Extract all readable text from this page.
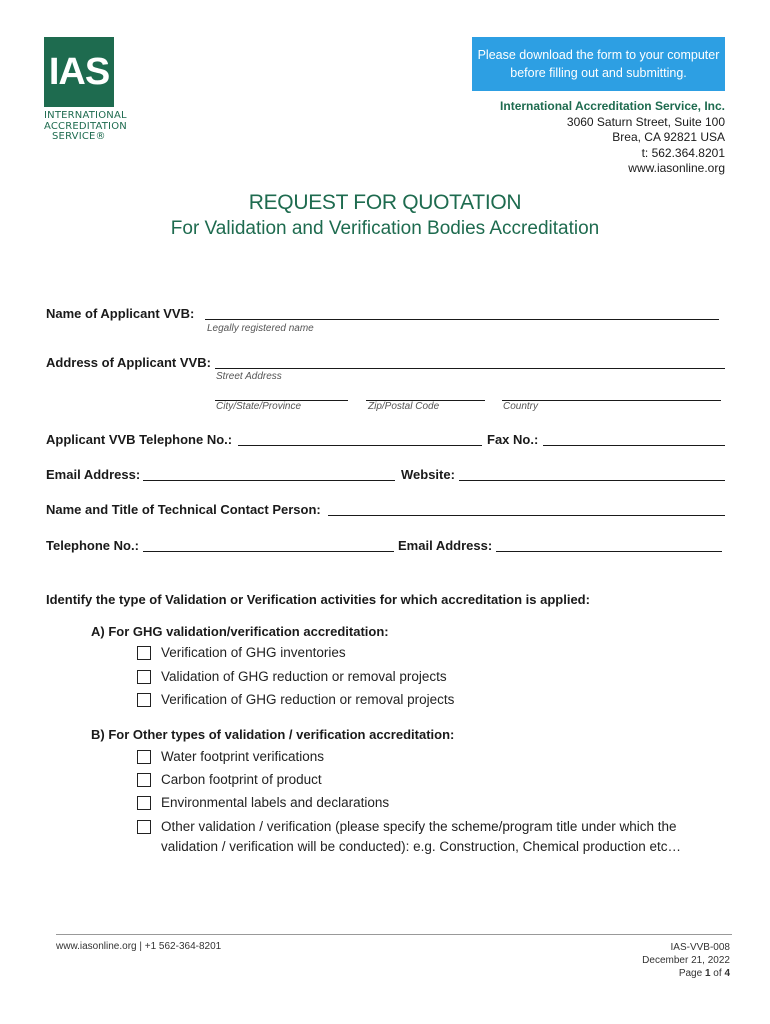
IAS
INTERNATIONAL
ACCREDITATION
SERVICE®
Please download the form to your computer
before filling out and submitting.
International Accreditation Service, Inc.
3060 Saturn Street, Suite 100
Brea, CA 92821 USA
t: 562.364.8201
www.iasonline.org
REQUEST FOR QUOTATION
For Validation and Verification Bodies Accreditation
Name of Applicant VVB:
Legally registered name
Address of Applicant VVB:
Street Address
City/State/Province	Zip/Postal Code	Country
Applicant VVB Telephone No.:	Fax No.:
Email Address:	Website:
Name and Title of Technical Contact Person:
Telephone No.:	Email Address:
Identify the type of Validation or Verification activities for which accreditation is applied:
A) For GHG validation/verification accreditation:
Verification of GHG inventories
Validation of GHG reduction or removal projects
Verification of GHG reduction or removal projects
B) For Other types of validation / verification accreditation:
Water footprint verifications
Carbon footprint of product
Environmental labels and declarations
Other validation / verification (please specify the scheme/program title under which the
validation / verification will be conducted): e.g. Construction, Chemical production etc…
www.iasonline.org | +1 562-364-8201	IAS-VVB-008
December 21, 2022
Page 1 of 4
